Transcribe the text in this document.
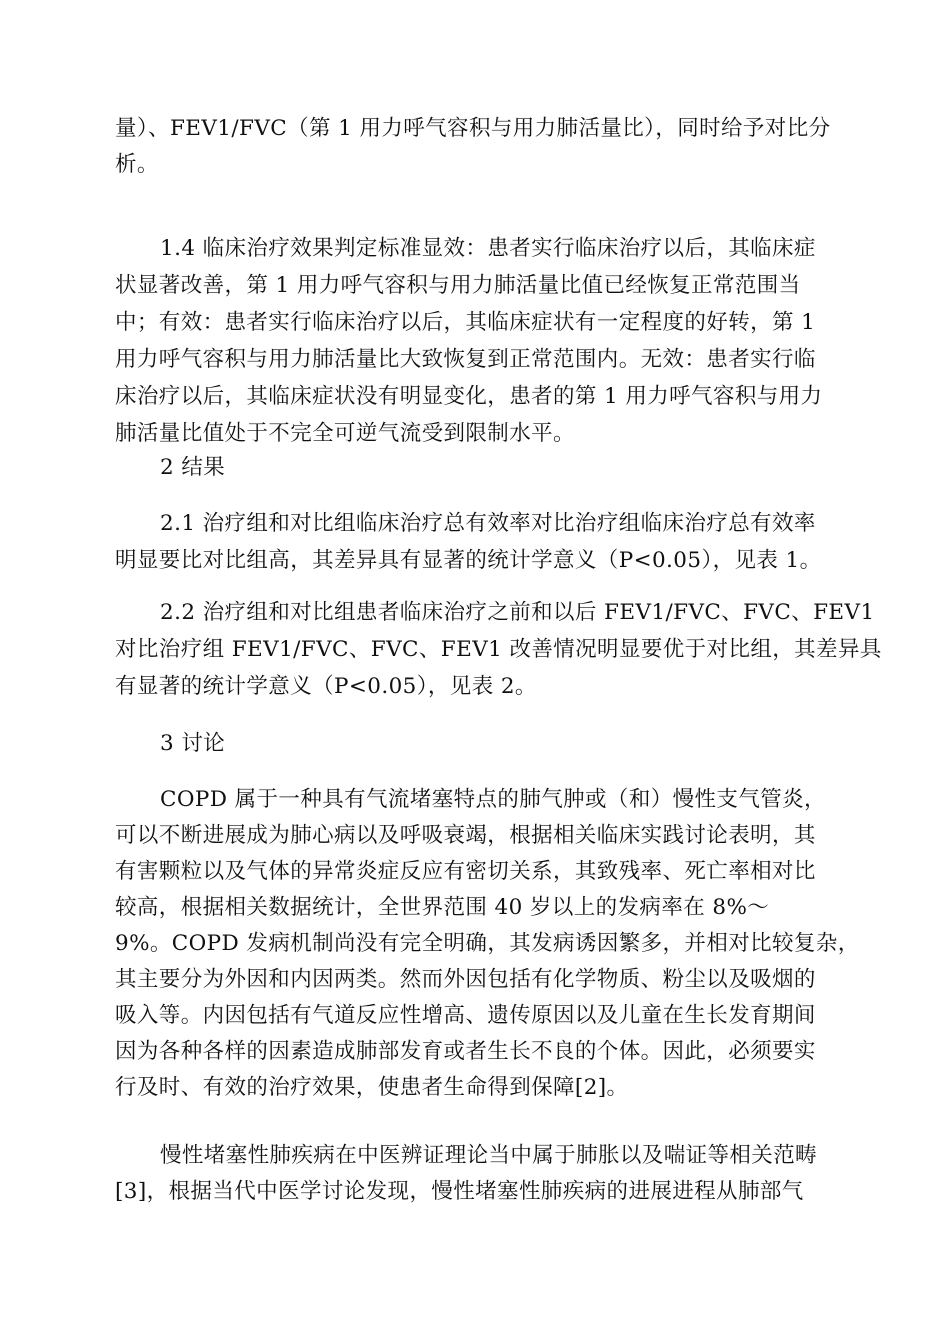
量）、FEV1/FVC（第 1 用力呼气容积与用力肺活量比），同时给予对比分
析。
1.4 临床治疗效果判定标准显效：患者实行临床治疗以后，其临床症
状显著改善，第 1 用力呼气容积与用力肺活量比值已经恢复正常范围当
中；有效：患者实行临床治疗以后，其临床症状有一定程度的好转，第 1
用力呼气容积与用力肺活量比大致恢复到正常范围内。无效：患者实行临
床治疗以后，其临床症状没有明显变化，患者的第 1 用力呼气容积与用力
肺活量比值处于不完全可逆气流受到限制水平。
2 结果
2.1 治疗组和对比组临床治疗总有效率对比治疗组临床治疗总有效率
明显要比对比组高，其差异具有显著的统计学意义（P<0.05），见表 1。
2.2 治疗组和对比组患者临床治疗之前和以后 FEV1/FVC、FVC、FEV1
对比治疗组 FEV1/FVC、FVC、FEV1 改善情况明显要优于对比组，其差异具
有显著的统计学意义（P<0.05），见表 2。
3 讨论
COPD 属于一种具有气流堵塞特点的肺气肿或（和）慢性支气管炎，
可以不断进展成为肺心病以及呼吸衰竭，根据相关临床实践讨论表明，其
有害颗粒以及气体的异常炎症反应有密切关系，其致残率、死亡率相对比
较高，根据相关数据统计，全世界范围 40 岁以上的发病率在 8%～
9%。COPD 发病机制尚没有完全明确，其发病诱因繁多，并相对比较复杂，
其主要分为外因和内因两类。然而外因包括有化学物质、粉尘以及吸烟的
吸入等。内因包括有气道反应性增高、遗传原因以及儿童在生长发育期间
因为各种各样的因素造成肺部发育或者生长不良的个体。因此，必须要实
行及时、有效的治疗效果，使患者生命得到保障[2]。
慢性堵塞性肺疾病在中医辨证理论当中属于肺胀以及喘证等相关范畴
[3]，根据当代中医学讨论发现，慢性堵塞性肺疾病的进展进程从肺部气
